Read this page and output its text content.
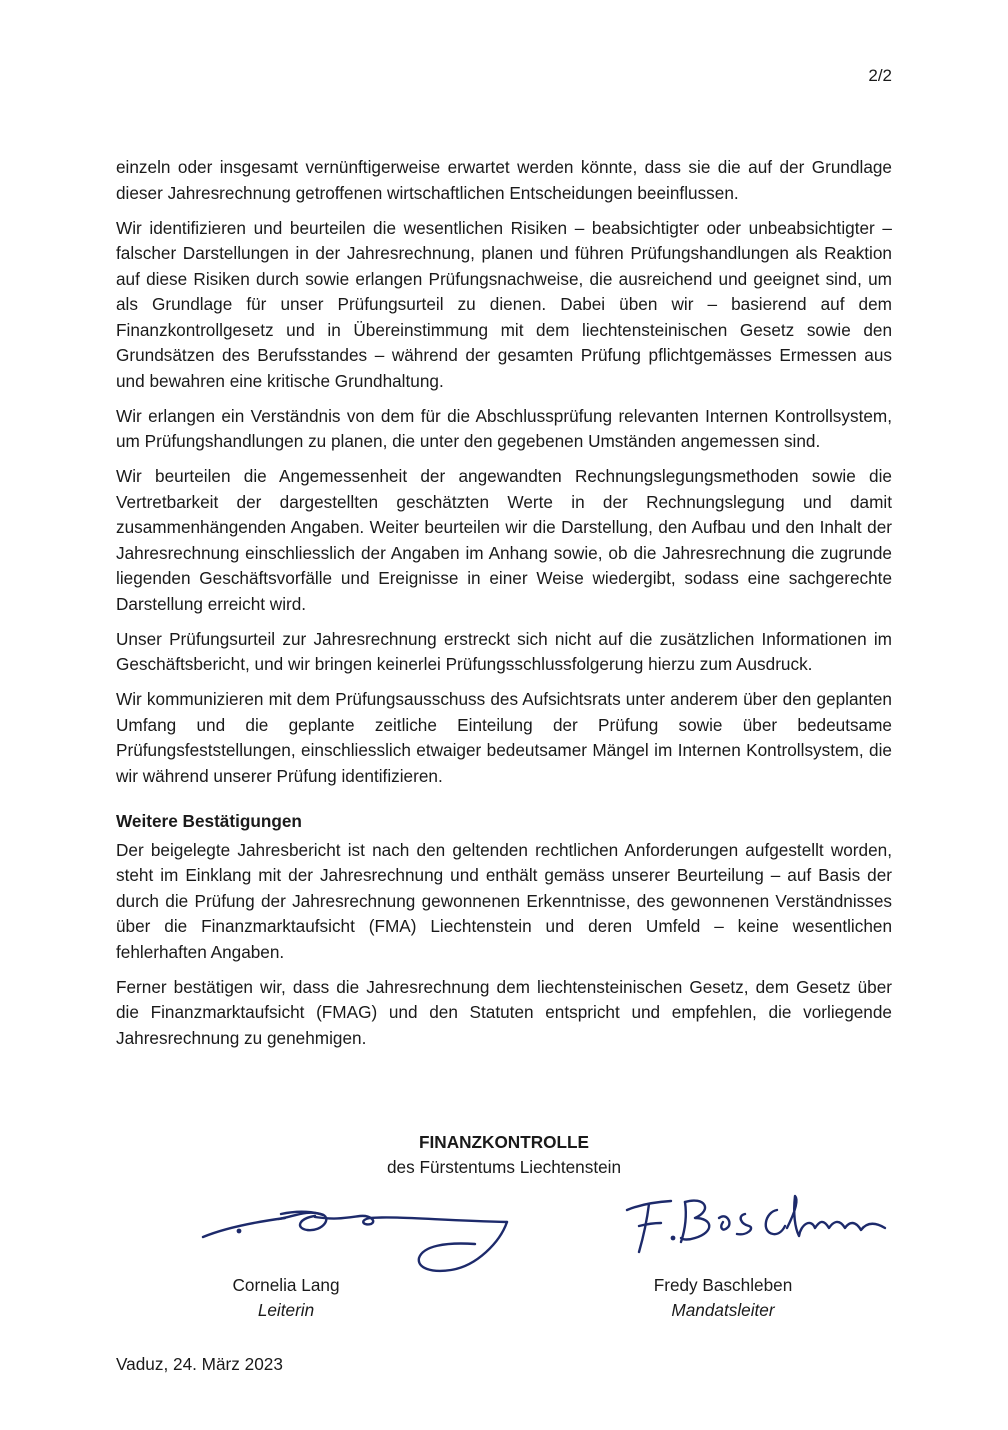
2/2

einzeln oder insgesamt vernünftigerweise erwartet werden könnte, dass sie die auf der Grundlage dieser Jahresrechnung getroffenen wirtschaftlichen Entscheidungen beeinflussen.

Wir identifizieren und beurteilen die wesentlichen Risiken – beabsichtigter oder unbeabsichtigter – falscher Darstellungen in der Jahresrechnung, planen und führen Prüfungshandlungen als Reaktion auf diese Risiken durch sowie erlangen Prüfungsnachweise, die ausreichend und geeignet sind, um als Grundlage für unser Prüfungsurteil zu dienen. Dabei üben wir – basierend auf dem Finanzkontrollgesetz und in Übereinstimmung mit dem liechtensteinischen Gesetz sowie den Grundsätzen des Berufsstandes – während der gesamten Prüfung pflichtgemässes Ermessen aus und bewahren eine kritische Grundhaltung.

Wir erlangen ein Verständnis von dem für die Abschlussprüfung relevanten Internen Kontrollsystem, um Prüfungshandlungen zu planen, die unter den gegebenen Umständen angemessen sind.

Wir beurteilen die Angemessenheit der angewandten Rechnungslegungsmethoden sowie die Vertretbarkeit der dargestellten geschätzten Werte in der Rechnungslegung und damit zusammenhängenden Angaben. Weiter beurteilen wir die Darstellung, den Aufbau und den Inhalt der Jahresrechnung einschliesslich der Angaben im Anhang sowie, ob die Jahresrechnung die zugrunde liegenden Geschäftsvorfälle und Ereignisse in einer Weise wiedergibt, sodass eine sachgerechte Darstellung erreicht wird.

Unser Prüfungsurteil zur Jahresrechnung erstreckt sich nicht auf die zusätzlichen Informationen im Geschäftsbericht, und wir bringen keinerlei Prüfungsschlussfolgerung hierzu zum Ausdruck.

Wir kommunizieren mit dem Prüfungsausschuss des Aufsichtsrats unter anderem über den geplanten Umfang und die geplante zeitliche Einteilung der Prüfung sowie über bedeutsame Prüfungsfeststellungen, einschliesslich etwaiger bedeutsamer Mängel im Internen Kontrollsystem, die wir während unserer Prüfung identifizieren.

Weitere Bestätigungen

Der beigelegte Jahresbericht ist nach den geltenden rechtlichen Anforderungen aufgestellt worden, steht im Einklang mit der Jahresrechnung und enthält gemäss unserer Beurteilung – auf Basis der durch die Prüfung der Jahresrechnung gewonnenen Erkenntnisse, des gewonnenen Verständnisses über die Finanzmarktaufsicht (FMA) Liechtenstein und deren Umfeld – keine wesentlichen fehlerhaften Angaben.

Ferner bestätigen wir, dass die Jahresrechnung dem liechtensteinischen Gesetz, dem Gesetz über die Finanzmarktaufsicht (FMAG) und den Statuten entspricht und empfehlen, die vorliegende Jahresrechnung zu genehmigen.

FINANZKONTROLLE
des Fürstentums Liechtenstein
Cornelia Lang
Leiterin
Fredy Baschleben
Mandatsleiter
Vaduz, 24. März 2023
